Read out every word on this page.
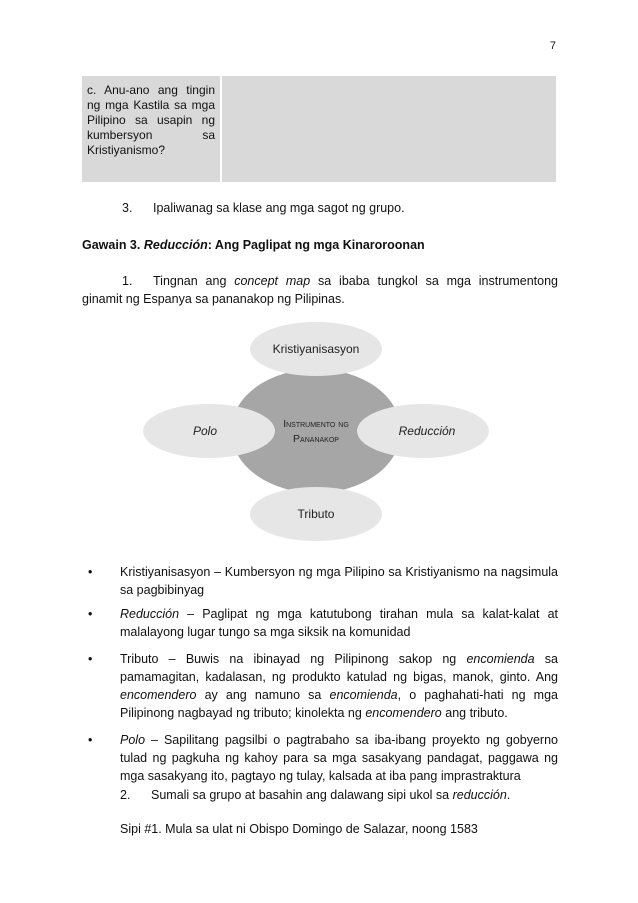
7
c. Anu-ano ang tingin ng mga Kastila sa mga Pilipino sa usapin ng kumbersyon sa Kristiyanismo?
3. Ipaliwanag sa klase ang mga sagot ng grupo.
Gawain 3. Reducción: Ang Paglipat ng mga Kinaroroonan
1. Tingnan ang concept map sa ibaba tungkol sa mga instrumentong ginamit ng Espanya sa pananakop ng Pilipinas.
Instrumento ng
Pananakop
Kristiyanisasyon
Polo	Reducción
Tributo
• Kristiyanisasyon – Kumbersyon ng mga Pilipino sa Kristiyanismo na nagsimula sa pagbibinyag
• Reducción – Paglipat ng mga katutubong tirahan mula sa kalat-kalat at malalayong lugar tungo sa mga siksik na komunidad
• Tributo – Buwis na ibinayad ng Pilipinong sakop ng encomienda sa pamamagitan, kadalasan, ng produkto katulad ng bigas, manok, ginto. Ang encomendero ay ang namuno sa encomienda, o paghahati-hati ng mga Pilipinong nagbayad ng tributo; kinolekta ng encomendero ang tributo.
• Polo – Sapilitang pagsilbi o pagtrabaho sa iba-ibang proyekto ng gobyerno tulad ng pagkuha ng kahoy para sa mga sasakyang pandagat, paggawa ng mga sasakyang ito, pagtayo ng tulay, kalsada at iba pang imprastraktura
2. Sumali sa grupo at basahin ang dalawang sipi ukol sa reducción.
Sipi #1. Mula sa ulat ni Obispo Domingo de Salazar, noong 1583
